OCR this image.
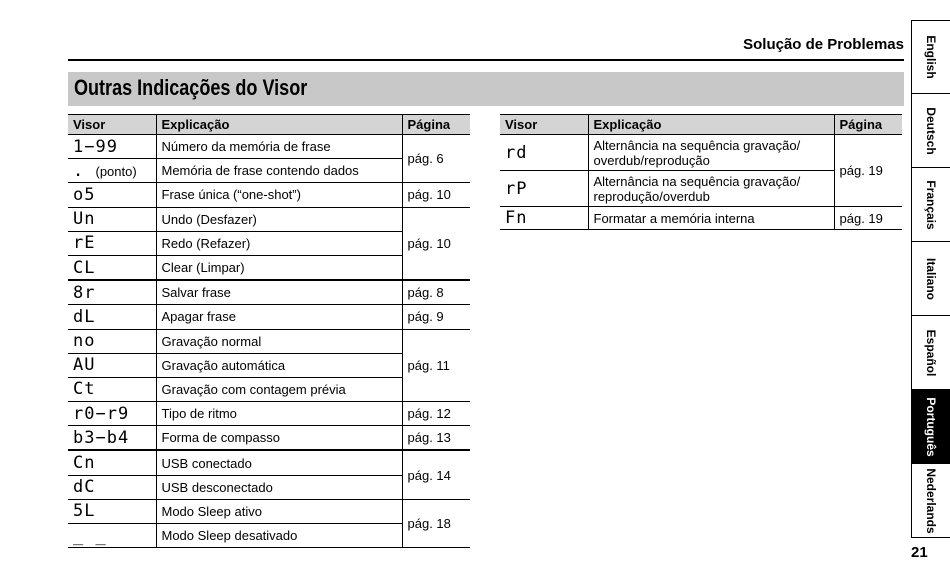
Solução de Problemas
Outras Indicações do Visor
Visor	Explicação	Página
1−99	Número da memória de frase	pág. 6
. (ponto)	Memória de frase contendo dados	
o5	Frase única (“one-shot”)	pág. 10
Un	Undo (Desfazer)	pág. 10
rE	Redo (Refazer)	
CL	Clear (Limpar)	
8r	Salvar frase	pág. 8
dL	Apagar frase	pág. 9
no	Gravação normal	pág. 11
AU	Gravação automática	
Ct	Gravação com contagem prévia	
r0−r9	Tipo de ritmo	pág. 12
b3−b4	Forma de compasso	pág. 13
Cn	USB conectado	pág. 14
dC	USB desconectado	
5L	Modo Sleep ativo	pág. 18
_ _	Modo Sleep desativado	
Visor	Explicação	Página
rd	Alternância na sequência gravação/ overdub/reprodução	pág. 19
rP	Alternância na sequência gravação/ reprodução/overdub	
Fn	Formatar a memória interna	pág. 19
English
Deutsch
Français
Italiano
Español
Português
Nederlands
21
